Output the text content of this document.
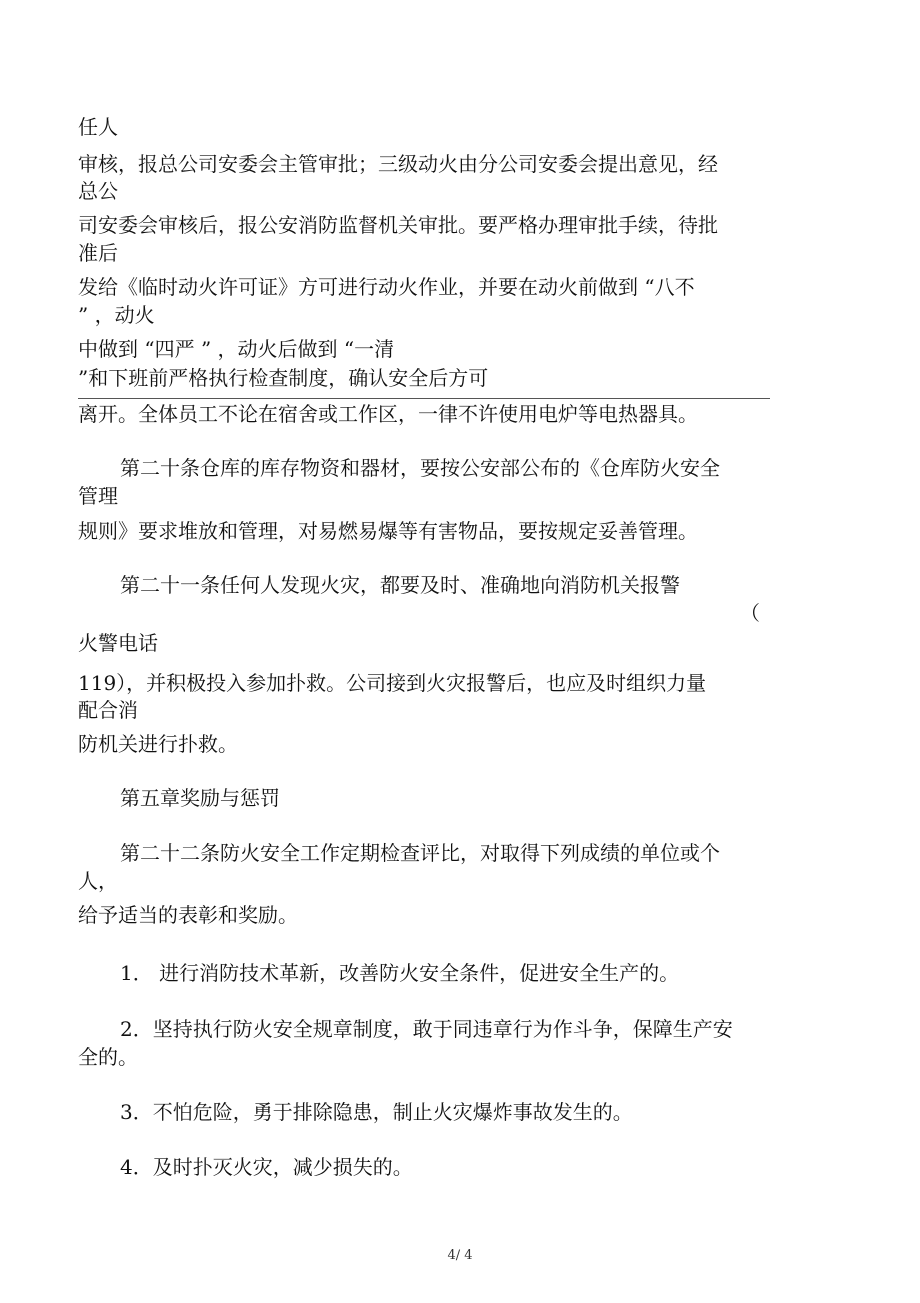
任人

审核，报总公司安委会主管审批；三级动火由分公司安委会提出意见，经

总公

司安委会审核后，报公安消防监督机关审批。要严格办理审批手续，待批

准后

发给《临时动火许可证》方可进行动火作业，并要在动火前做到 “八不

” ，动火

中做到 “四严 ” ，动火后做到 “一清

”和下班前严格执行检查制度，确认安全后方可

离开。全体员工不论在宿舍或工作区，一律不许使用电炉等电热器具。

第二十条仓库的库存物资和器材，要按公安部公布的《仓库防火安全

管理

规则》要求堆放和管理，对易燃易爆等有害物品，要按规定妥善管理。

第二十一条任何人发现火灾，都要及时、准确地向消防机关报警

（

火警电话

119），并积极投入参加扑救。公司接到火灾报警后，也应及时组织力量

配合消

防机关进行扑救。

第五章奖励与惩罚

第二十二条防火安全工作定期检查评比，对取得下列成绩的单位或个

人，

给予适当的表彰和奖励。

1． 进行消防技术革新，改善防火安全条件，促进安全生产的。

2．坚持执行防火安全规章制度，敢于同违章行为作斗争，保障生产安

全的。

3．不怕危险，勇于排除隐患，制止火灾爆炸事故发生的。

4．及时扑灭火灾，减少损失的。

4/ 4
